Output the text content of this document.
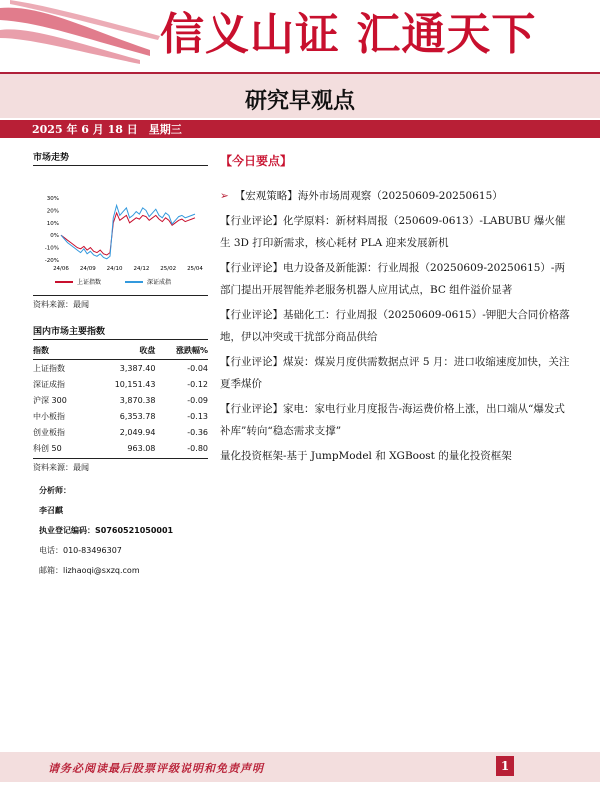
信义山证 汇通天下
研究早观点
2025 年 6 月 18 日　星期三
市场走势
30%
20%
10%
0%
-10%
-20%
24/06 24/09 24/10 24/12 25/02 25/04
上证指数	深证成指
资料来源：最闻
国内市场主要指数
指数	收盘	涨跌幅%
上证指数	3,387.40	-0.04
深证成指	10,151.43	-0.12
沪深 300	3,870.38	-0.09
中小板指	6,353.78	-0.13
创业板指	2,049.94	-0.36
科创 50	963.08	-0.80
资料来源：最闻
分析师：
李召麒
执业登记编码：S0760521050001
电话：010-83496307
邮箱：lizhaoqi@sxzq.com
【今日要点】
➢ 【宏观策略】海外市场周观察（20250609-20250615）
【行业评论】化学原料：新材料周报（250609-0613）-LABUBU 爆火催生 3D 打印新需求，核心耗材 PLA 迎来发展新机
【行业评论】电力设备及新能源：行业周报（20250609-20250615）-两部门提出开展智能养老服务机器人应用试点，BC 组件溢价显著
【行业评论】基础化工：行业周报（20250609-0615）-钾肥大合同价格落地，伊以冲突或干扰部分商品供给
【行业评论】煤炭：煤炭月度供需数据点评 5 月：进口收缩速度加快，关注夏季煤价
【行业评论】家电：家电行业月度报告-海运费价格上涨，出口端从“爆发式补库”转向“稳态需求支撑”
量化投资框架-基于 JumpModel 和 XGBoost 的量化投资框架
请务必阅读最后股票评级说明和免责声明	1
